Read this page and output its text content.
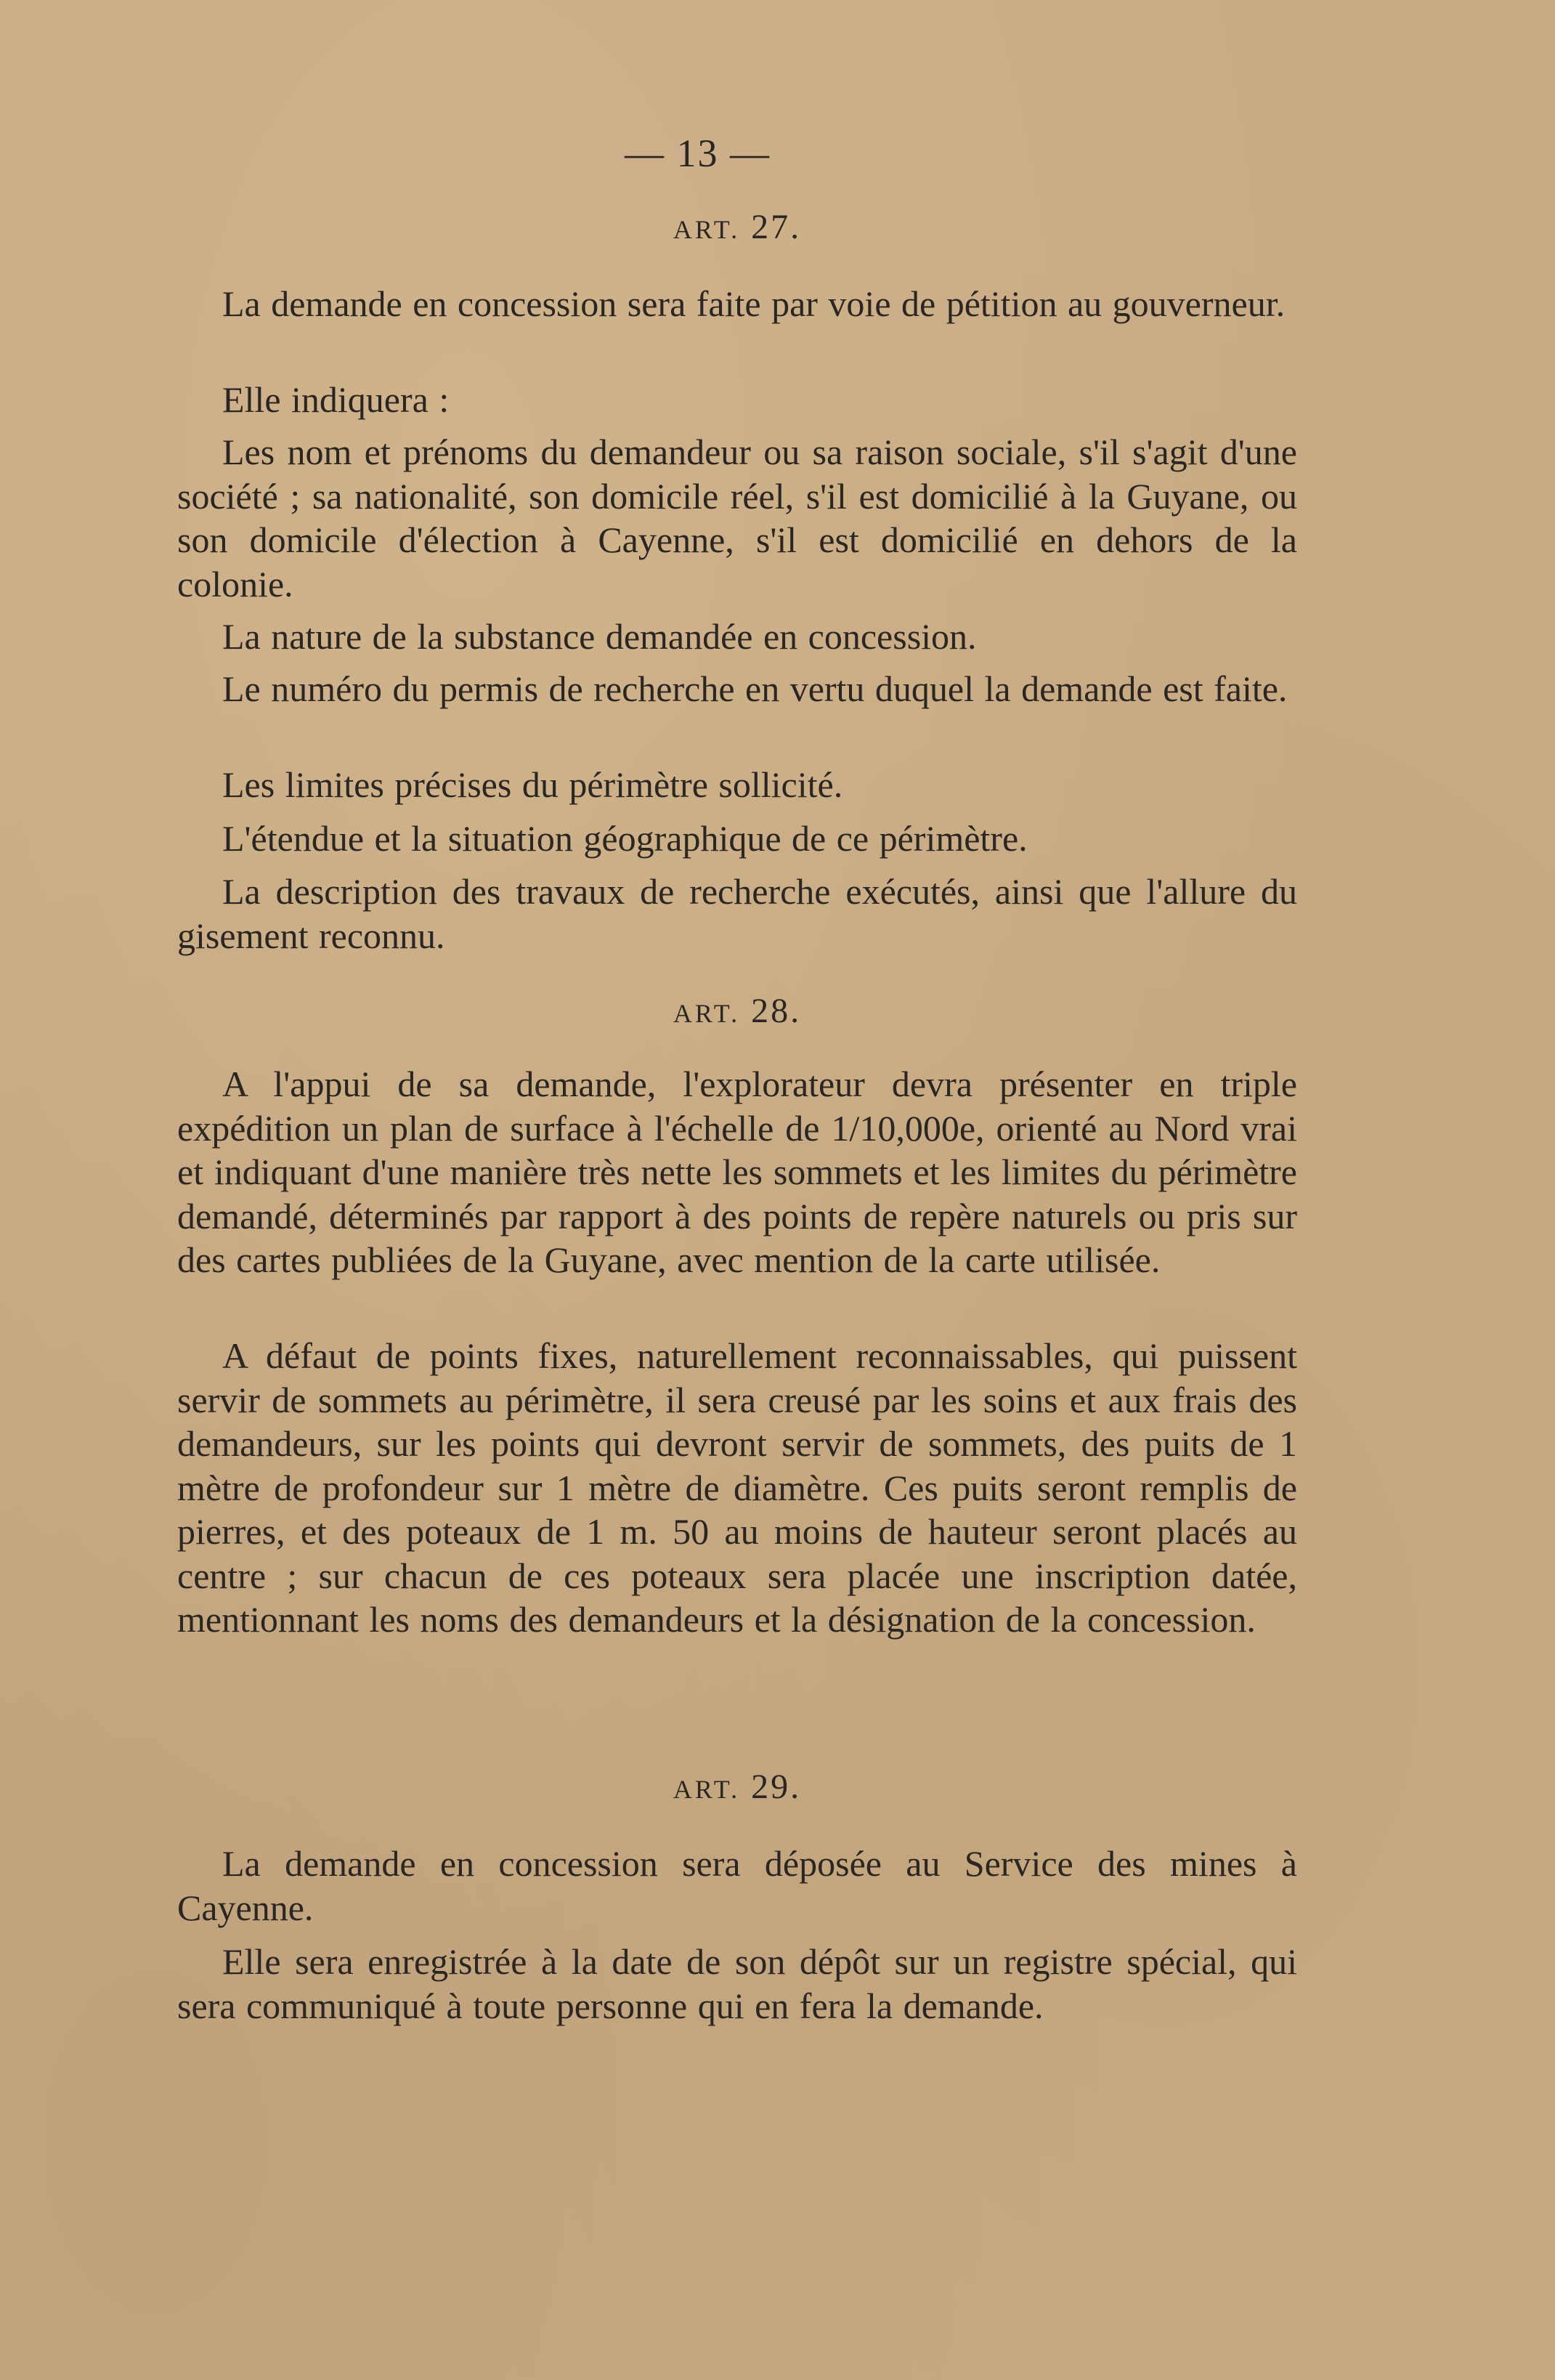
— 13 —
ART. 27.

La demande en concession sera faite par voie de pétition au gouverneur.

Elle indiquera :

Les nom et prénoms du demandeur ou sa raison sociale, s'il s'agit d'une société ; sa nationalité, son domicile réel, s'il est domicilié à la Guyane, ou son domicile d'élection à Cayenne, s'il est domicilié en dehors de la colonie.

La nature de la substance demandée en concession.

Le numéro du permis de recherche en vertu duquel la demande est faite.

Les limites précises du périmètre sollicité.

L'étendue et la situation géographique de ce périmètre.

La description des travaux de recherche exécutés, ainsi que l'allure du gisement reconnu.

ART. 28.

A l'appui de sa demande, l'explorateur devra présenter en triple expédition un plan de surface à l'échelle de 1/10,000e, orienté au Nord vrai et indiquant d'une manière très nette les sommets et les limites du périmètre demandé, déterminés par rapport à des points de repère naturels ou pris sur des cartes publiées de la Guyane, avec mention de la carte utilisée.

A défaut de points fixes, naturellement reconnaissables, qui puissent servir de sommets au périmètre, il sera creusé par les soins et aux frais des demandeurs, sur les points qui devront servir de sommets, des puits de 1 mètre de profondeur sur 1 mètre de diamètre. Ces puits seront remplis de pierres, et des poteaux de 1 m. 50 au moins de hauteur seront placés au centre ; sur chacun de ces poteaux sera placée une inscription datée, mentionnant les noms des demandeurs et la désignation de la concession.

ART. 29.

La demande en concession sera déposée au Service des mines à Cayenne.

Elle sera enregistrée à la date de son dépôt sur un registre spécial, qui sera communiqué à toute personne qui en fera la demande.
